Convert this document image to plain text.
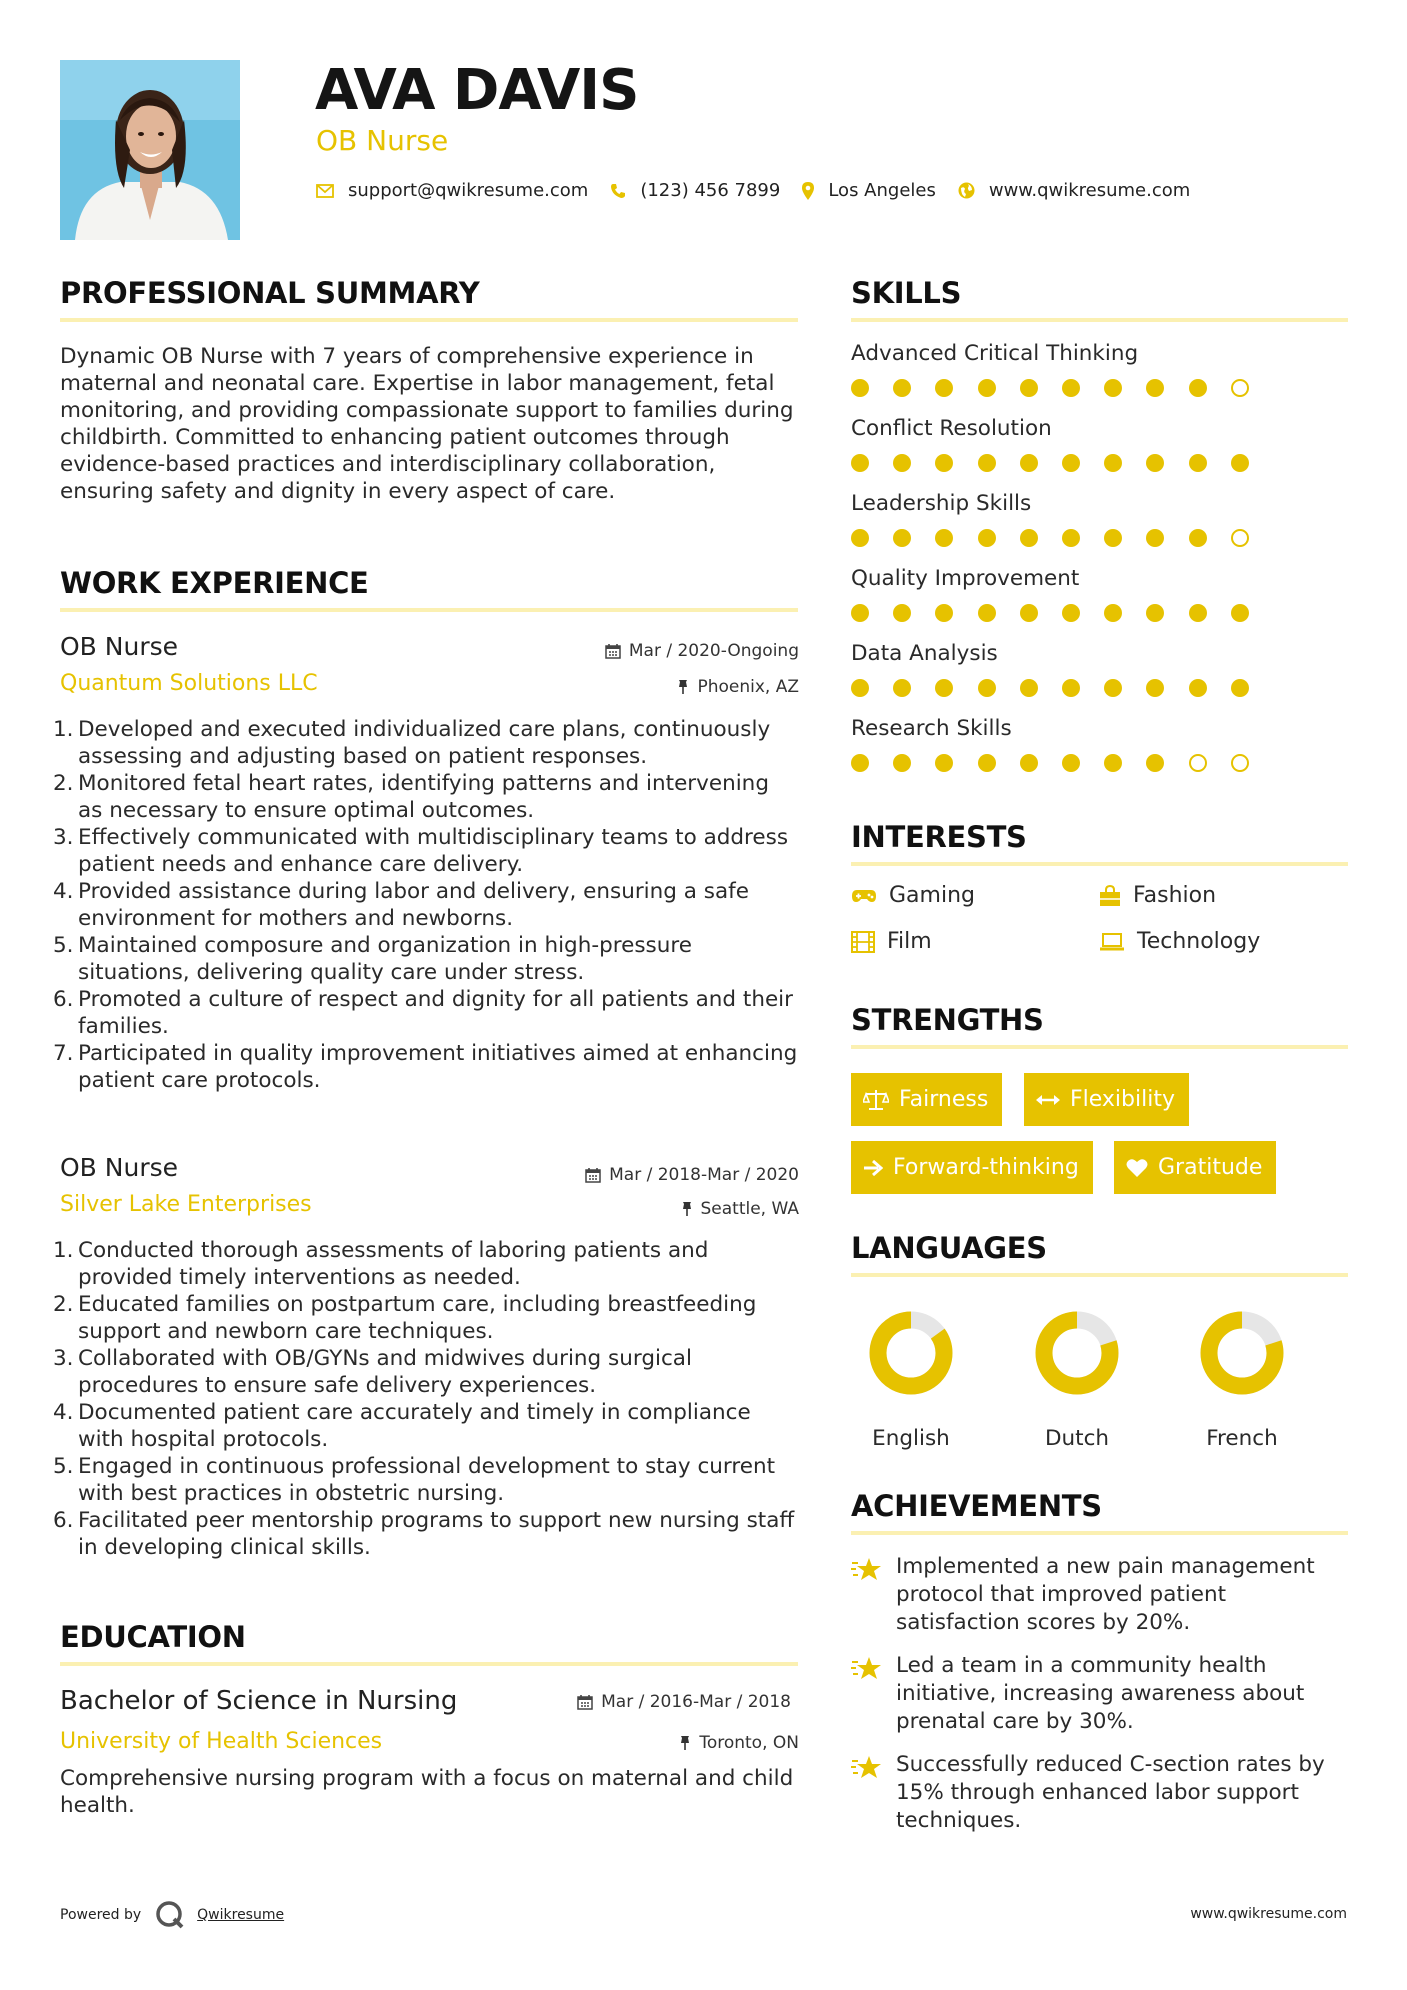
AVA DAVIS
OB Nurse
support@qwikresume.com	(123) 456 7899	Los Angeles	www.qwikresume.com
PROFESSIONAL SUMMARY
Dynamic OB Nurse with 7 years of comprehensive experience in maternal and neonatal care. Expertise in labor management, fetal monitoring, and providing compassionate support to families during childbirth. Committed to enhancing patient outcomes through evidence-based practices and interdisciplinary collaboration, ensuring safety and dignity in every aspect of care.
WORK EXPERIENCE
OB Nurse	Mar / 2020-Ongoing
Quantum Solutions LLC	Phoenix, AZ
1. Developed and executed individualized care plans, continuously assessing and adjusting based on patient responses.
2. Monitored fetal heart rates, identifying patterns and intervening as necessary to ensure optimal outcomes.
3. Effectively communicated with multidisciplinary teams to address patient needs and enhance care delivery.
4. Provided assistance during labor and delivery, ensuring a safe environment for mothers and newborns.
5. Maintained composure and organization in high-pressure situations, delivering quality care under stress.
6. Promoted a culture of respect and dignity for all patients and their families.
7. Participated in quality improvement initiatives aimed at enhancing patient care protocols.
OB Nurse	Mar / 2018-Mar / 2020
Silver Lake Enterprises	Seattle, WA
1. Conducted thorough assessments of laboring patients and provided timely interventions as needed.
2. Educated families on postpartum care, including breastfeeding support and newborn care techniques.
3. Collaborated with OB/GYNs and midwives during surgical procedures to ensure safe delivery experiences.
4. Documented patient care accurately and timely in compliance with hospital protocols.
5. Engaged in continuous professional development to stay current with best practices in obstetric nursing.
6. Facilitated peer mentorship programs to support new nursing staff in developing clinical skills.
EDUCATION
Bachelor of Science in Nursing	Mar / 2016-Mar / 2018
University of Health Sciences	Toronto, ON
Comprehensive nursing program with a focus on maternal and child health.
SKILLS
Advanced Critical Thinking
Conflict Resolution
Leadership Skills
Quality Improvement
Data Analysis
Research Skills
INTERESTS
Gaming	Fashion
Film	Technology
STRENGTHS
Fairness	Flexibility
Forward-thinking	Gratitude
LANGUAGES
English	Dutch	French
ACHIEVEMENTS
Implemented a new pain management protocol that improved patient satisfaction scores by 20%.
Led a team in a community health initiative, increasing awareness about prenatal care by 30%.
Successfully reduced C-section rates by 15% through enhanced labor support techniques.
Powered by	Qwikresume	www.qwikresume.com
